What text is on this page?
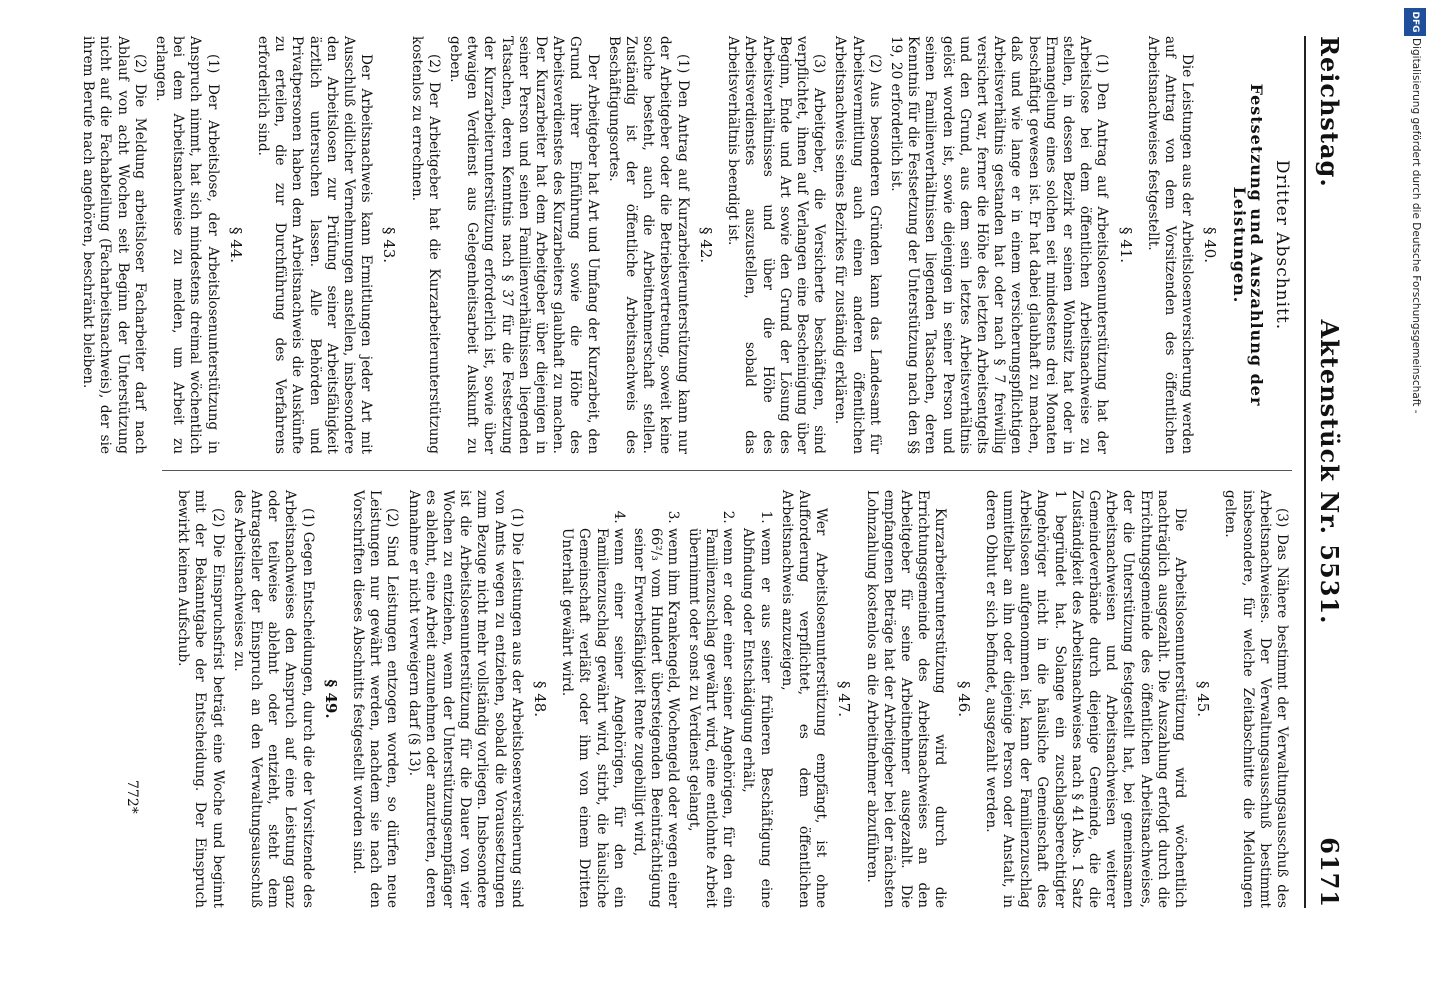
Reichstag.
Aktenstück Nr. 5531.
6171
Dritter Abschnitt.
Festsetzung und Auszahlung der Leistungen.
§ 40.

Die Leistungen aus der Arbeitslosenversicherung werden auf Antrag von dem Vorsitzenden des öffentlichen Arbeitsnachweises festgestellt.

§ 41.

(1) Den Antrag auf Arbeitslosenunterstützung hat der Arbeitslose bei dem öffentlichen Arbeitsnachweise zu stellen, in dessen Bezirk er seinen Wohnsitz hat oder in Ermangelung eines solchen seit mindestens drei Monaten beschäftigt gewesen ist. Er hat dabei glaubhaft zu machen, daß und wie lange er in einem versicherungspflichtigen Arbeitsverhältnis gestanden hat oder nach § 7 freiwillig versichert war, ferner die Höhe des letzten Arbeitsentgelts und den Grund, aus dem sein letztes Arbeitsverhältnis gelöst worden ist, sowie diejenigen in seiner Person und seinen Familienverhältnissen liegenden Tatsachen, deren Kenntnis für die Festsetzung der Unterstützung nach den §§ 19, 20 erforderlich ist.

(2) Aus besonderen Gründen kann das Landesamt für Arbeitsvermittlung auch einen anderen öffentlichen Arbeitsnachweis seines Bezirkes für zuständig erklären.

(3) Arbeitgeber, die Versicherte beschäftigen, sind verpflichtet, ihnen auf Verlangen eine Bescheinigung über Beginn, Ende und Art sowie den Grund der Lösung des Arbeitsverhältnisses und über die Höhe des Arbeitsverdienstes auszustellen, sobald das Arbeitsverhältnis beendigt ist.

§ 42.

(1) Den Antrag auf Kurzarbeiterunterstützung kann nur der Arbeitgeber oder die Betriebsvertretung, soweit keine solche besteht, auch die Arbeitnehmerschaft stellen. Zuständig ist der öffentliche Arbeitsnachweis des Beschäftigungsortes.

Der Arbeitgeber hat Art und Umfang der Kurzarbeit, den Grund ihrer Einführung sowie die Höhe des Arbeitsverdienstes des Kurzarbeiters glaubhaft zu machen. Der Kurzarbeiter hat dem Arbeitgeber über diejenigen in seiner Person und seinen Familienverhältnissen liegenden Tatsachen, deren Kenntnis nach § 37 für die Festsetzung der Kurzarbeiterunterstützung erforderlich ist, sowie über etwaigen Verdienst aus Gelegenheitsarbeit Auskunft zu geben.

(2) Der Arbeitgeber hat die Kurzarbeiterunterstützung kostenlos zu errechnen.

§ 43.

Der Arbeitsnachweis kann Ermittlungen jeder Art mit Ausschluß eidlicher Vernehmungen anstellen, insbesondere den Arbeitslosen zur Prüfung seiner Arbeitsfähigkeit ärztlich untersuchen lassen. Alle Behörden und Privatpersonen haben dem Arbeitsnachweis die Auskünfte zu erteilen, die zur Durchführung des Verfahrens erforderlich sind.

§ 44.

(1) Der Arbeitslose, der Arbeitslosenunterstützung in Anspruch nimmt, hat sich mindestens dreimal wöchentlich bei dem Arbeitsnachweise zu melden, um Arbeit zu erlangen.

(2) Die Meldung arbeitsloser Facharbeiter darf nach Ablauf von acht Wochen seit Beginn der Unterstützung nicht auf die Fachabteilung (Facharbeitsnachweis), der sie ihrem Berufe nach angehören, beschränkt bleiben.

(3) Das Nähere bestimmt der Verwaltungsausschuß des Arbeitsnachweises. Der Verwaltungsausschuß bestimmt insbesondere, für welche Zeitabschnitte die Meldungen gelten.

§ 45.

Die Arbeitslosenunterstützung wird wöchentlich nachträglich ausgezahlt. Die Auszahlung erfolgt durch die Errichtungsgemeinde des öffentlichen Arbeitsnachweises, der die Unterstützung festgestellt hat, bei gemeinsamen Arbeitsnachweisen und Arbeitsnachweisen weiterer Gemeindeverbände durch diejenige Gemeinde, die die Zuständigkeit des Arbeitsnachweises nach § 41 Abs. 1 Satz 1 begründet hat. Solange ein zuschlagsberechtigter Angehöriger nicht in die häusliche Gemeinschaft des Arbeitslosen aufgenommen ist, kann der Familienzuschlag unmittelbar an ihn oder diejenige Person oder Anstalt, in deren Obhut er sich befindet, ausgezahlt werden.

§ 46.

Kurzarbeiterunterstützung wird durch die Errichtungsgemeinde des Arbeitsnachweises an den Arbeitgeber für seine Arbeitnehmer ausgezahlt. Die empfangenen Beträge hat der Arbeitgeber bei der nächsten Lohnzahlung kostenlos an die Arbeitnehmer abzuführen.

§ 47.

Wer Arbeitslosenunterstützung empfängt, ist ohne Aufforderung verpflichtet, es dem öffentlichen Arbeitsnachweis anzuzeigen,

1. wenn er aus seiner früheren Beschäftigung eine Abfindung oder Entschädigung erhält,
2. wenn er oder einer seiner Angehörigen, für den ein Familienzuschlag gewährt wird, eine entlohnte Arbeit übernimmt oder sonst zu Verdienst gelangt,
3. wenn ihm Krankengeld, Wochengeld oder wegen einer 66²/₃ vom Hundert übersteigenden Beeinträchtigung seiner Erwerbsfähigkeit Rente zugebilligt wird,
4. wenn einer seiner Angehörigen, für den ein Familienzuschlag gewährt wird, stirbt, die häusliche Gemeinschaft verläßt oder ihm von einem Dritten Unterhalt gewährt wird.
§ 48.

(1) Die Leistungen aus der Arbeitslosenversicherung sind von Amts wegen zu entziehen, sobald die Voraussetzungen zum Bezuge nicht mehr vollständig vorliegen. Insbesondere ist die Arbeitslosenunterstützung für die Dauer von vier Wochen zu entziehen, wenn der Unterstützungsempfänger es ablehnt, eine Arbeit anzunehmen oder anzutreten, deren Annahme er nicht verweigern darf (§ 13).

(2) Sind Leistungen entzogen worden, so dürfen neue Leistungen nur gewährt werden, nachdem sie nach den Vorschriften dieses Abschnitts festgestellt worden sind.

§ 49.

(1) Gegen Entscheidungen, durch die der Vorsitzende des Arbeitsnachweises den Anspruch auf eine Leistung ganz oder teilweise ablehnt oder entzieht, steht dem Antragsteller der Einspruch an den Verwaltungsausschuß des Arbeitsnachweises zu.

(2) Die Einspruchsfrist beträgt eine Woche und beginnt mit der Bekanntgabe der Entscheidung. Der Einspruch bewirkt keinen Aufschub.

772*
DFG
Digitalisierung gefördert durch die Deutsche Forschungsgemeinschaft -
